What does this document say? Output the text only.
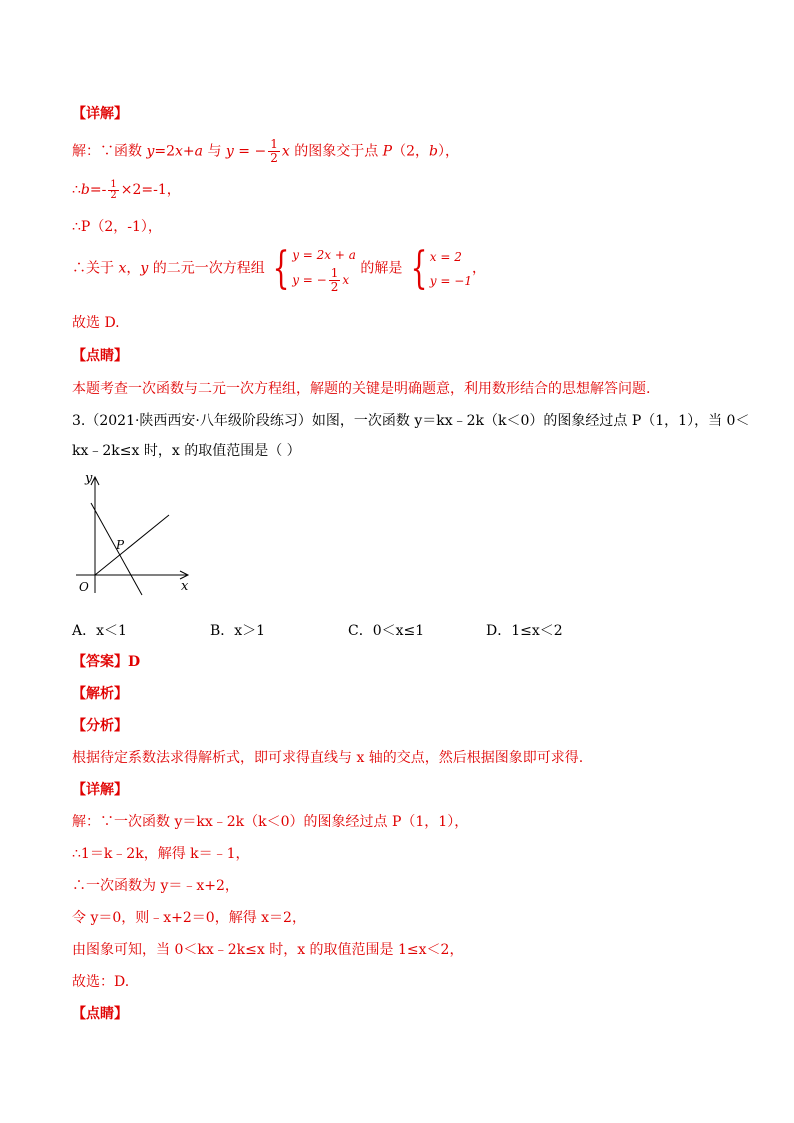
【详解】
解：∵函数 y=2x+a 与 y = − $\frac{1}{2}$ x 的图象交于点 P（2，b），
∴b=- $\frac{1}{2} \times 2=-1$，
∴P（2，-1），
∴关于 x，y 的二元一次方程组 { y = 2x + a
y = − $\frac{1}{2}$ x
的解是 { x = 2
y = −1
，
故选 D.
【点睛】
本题考查一次函数与二元一次方程组，解题的关键是明确题意，利用数形结合的思想解答问题.
3.（2021·陕西西安·八年级阶段练习）如图，一次函数 y＝kx﹣2k（k＜0）的图象经过点 P（1，1），当 0＜
kx﹣2k≤x 时，x 的取值范围是（ ）
y
x
O
P
A．x＜1	B．x＞1	C．0＜x≤1	D．1≤x＜2
【答案】D
【解析】
【分析】
根据待定系数法求得解析式，即可求得直线与 x 轴的交点，然后根据图象即可求得.
【详解】
解：∵一次函数 y＝kx﹣2k（k＜0）的图象经过点 P（1，1），
∴1＝k﹣2k，解得 k＝﹣1，
∴一次函数为 y＝﹣x+2，
令 y＝0，则﹣x+2＝0，解得 x＝2，
由图象可知，当 0＜kx﹣2k≤x 时，x 的取值范围是 1≤x＜2，
故选：D.
【点睛】
